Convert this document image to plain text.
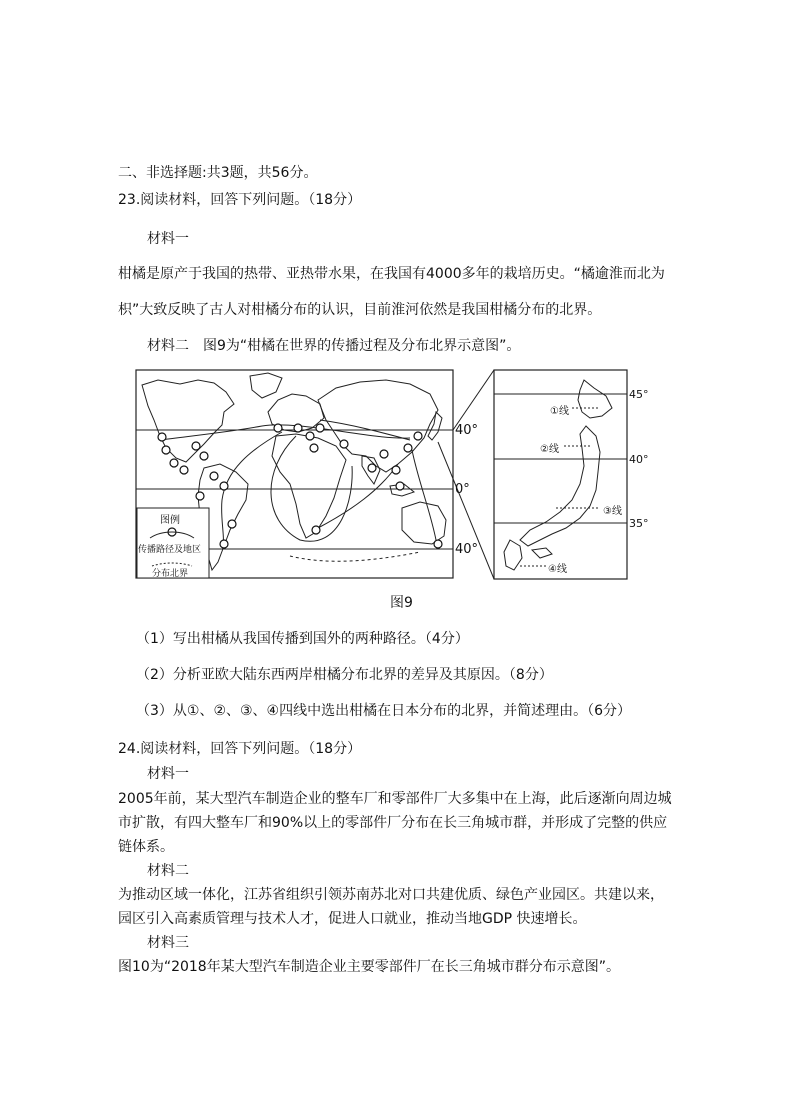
二、非选择题:共3题，共56分。
23.阅读材料，回答下列问题。（18分）
材料一
柑橘是原产于我国的热带、亚热带水果，在我国有4000多年的栽培历史。“橘逾淮而北为
枳”大致反映了古人对柑橘分布的认识，目前淮河依然是我国柑橘分布的北界。
材料二　图9为“柑橘在世界的传播过程及分布北界示意图”。
40°
0°
40°
图例
传播路径及地区
分布北界
45°
40°
35°
①线
②线
③线
④线
图9
（1）写出柑橘从我国传播到国外的两种路径。（4分）
（2）分析亚欧大陆东西两岸柑橘分布北界的差异及其原因。（8分）
（3）从①、②、③、④四线中选出柑橘在日本分布的北界，并简述理由。（6分）
24.阅读材料，回答下列问题。（18分）
材料一
2005年前，某大型汽车制造企业的整车厂和零部件厂大多集中在上海，此后逐渐向周边城
市扩散，有四大整车厂和90%以上的零部件厂分布在长三角城市群，并形成了完整的供应
链体系。
材料二
为推动区域一体化，江苏省组织引领苏南苏北对口共建优质、绿色产业园区。共建以来，
园区引入高素质管理与技术人才，促进人口就业，推动当地GDP 快速增长。
材料三
图10为“2018年某大型汽车制造企业主要零部件厂在长三角城市群分布示意图”。
